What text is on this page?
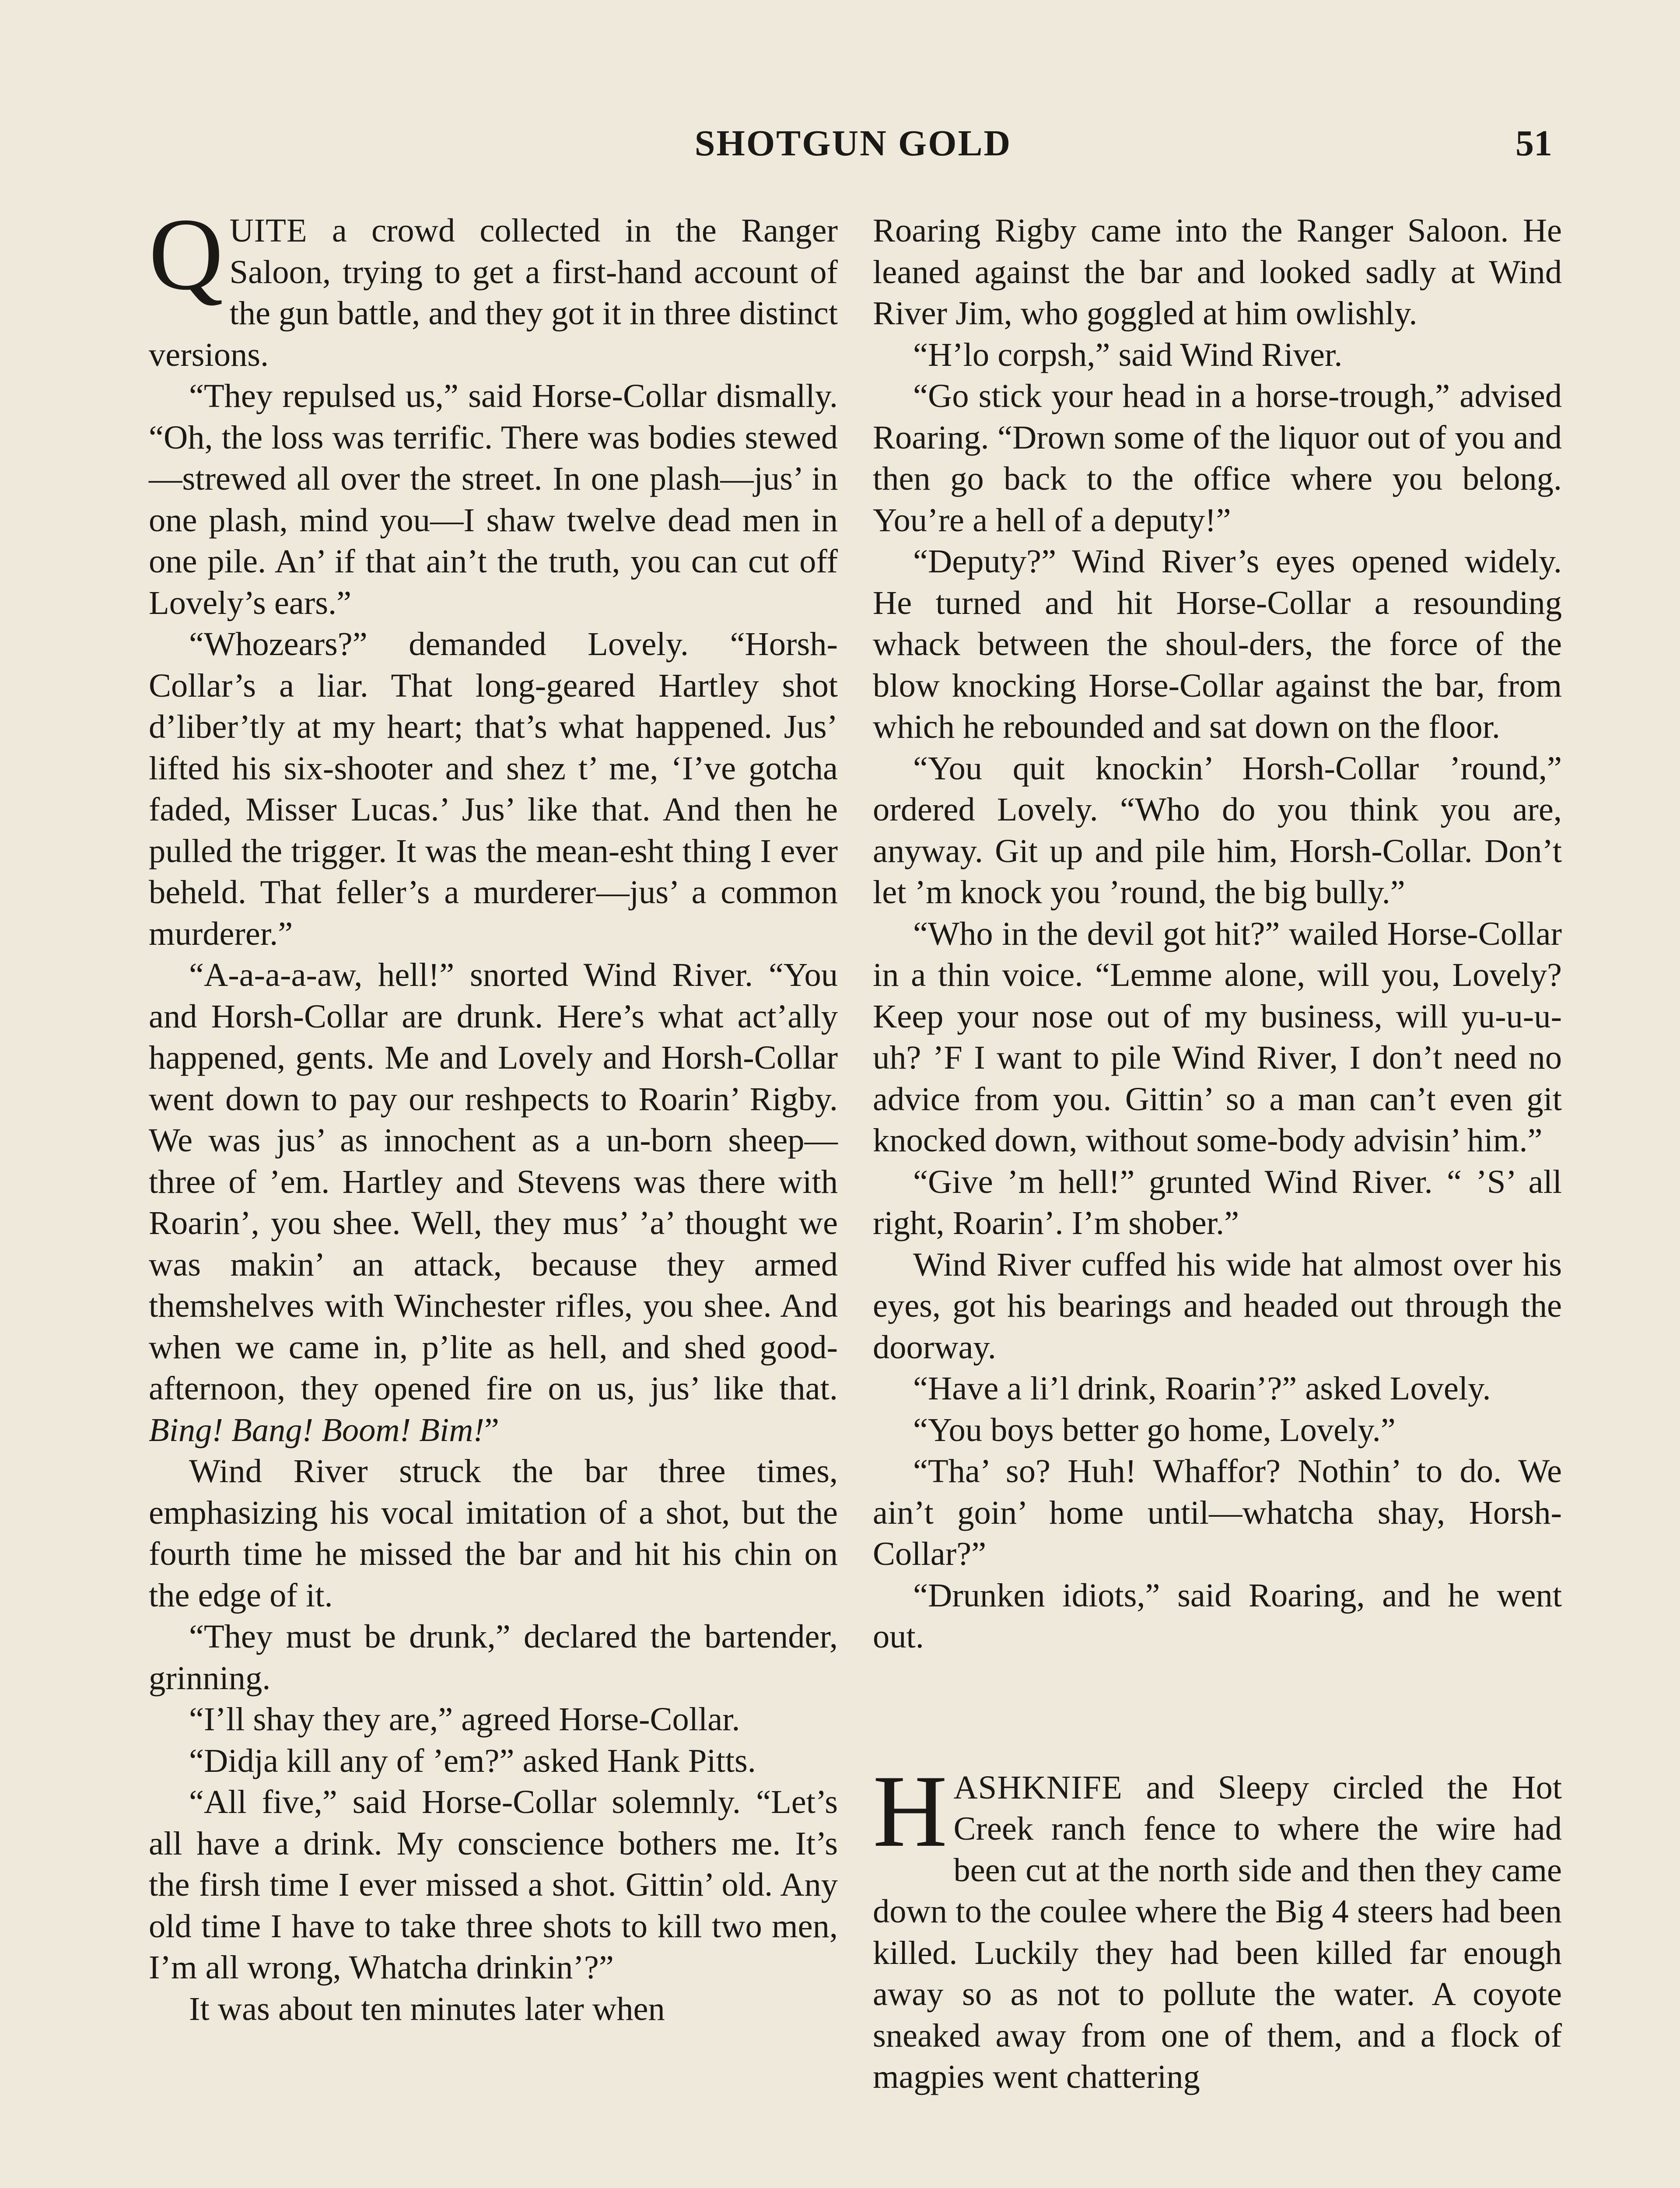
SHOTGUN GOLD	51

QUITE a crowd collected in the Ranger Saloon, trying to get a first-hand account of the gun battle, and they got it in three distinct versions.

“They repulsed us,” said Horse-Collar dismally. “Oh, the loss was terrific. There was bodies stewed—strewed all over the street. In one plash—jus’ in one plash, mind you—I shaw twelve dead men in one pile. An’ if that ain’t the truth, you can cut off Lovely’s ears.”

“Whozears?” demanded Lovely. “Horsh-Collar’s a liar. That long-geared Hartley shot d’liber’tly at my heart; that’s what happened. Jus’ lifted his six-shooter and shez t’ me, ‘I’ve gotcha faded, Misser Lucas.’ Jus’ like that. And then he pulled the trigger. It was the mean-esht thing I ever beheld. That feller’s a murderer—jus’ a common murderer.”

“A-a-a-a-aw, hell!” snorted Wind River. “You and Horsh-Collar are drunk. Here’s what act’ally happened, gents. Me and Lovely and Horsh-Collar went down to pay our reshpects to Roarin’ Rigby. We was jus’ as innochent as a un-born sheep—three of ’em. Hartley and Stevens was there with Roarin’, you shee. Well, they mus’ ’a’ thought we was makin’ an attack, because they armed themshelves with Winchester rifles, you shee. And when we came in, p’lite as hell, and shed good-afternoon, they opened fire on us, jus’ like that. Bing! Bang! Boom! Bim!”

Wind River struck the bar three times, emphasizing his vocal imitation of a shot, but the fourth time he missed the bar and hit his chin on the edge of it.

“They must be drunk,” declared the bartender, grinning.

“I’ll shay they are,” agreed Horse-Collar.

“Didja kill any of ’em?” asked Hank Pitts.

“All five,” said Horse-Collar solemnly. “Let’s all have a drink. My conscience bothers me. It’s the firsh time I ever missed a shot. Gittin’ old. Any old time I have to take three shots to kill two men, I’m all wrong, Whatcha drinkin’?”

It was about ten minutes later when

Roaring Rigby came into the Ranger Saloon. He leaned against the bar and looked sadly at Wind River Jim, who goggled at him owlishly.

“H’lo corpsh,” said Wind River.

“Go stick your head in a horse-trough,” advised Roaring. “Drown some of the liquor out of you and then go back to the office where you belong. You’re a hell of a deputy!”

“Deputy?” Wind River’s eyes opened widely. He turned and hit Horse-Collar a resounding whack between the shoul-ders, the force of the blow knocking Horse-Collar against the bar, from which he rebounded and sat down on the floor.

“You quit knockin’ Horsh-Collar ’round,” ordered Lovely. “Who do you think you are, anyway. Git up and pile him, Horsh-Collar. Don’t let ’m knock you ’round, the big bully.”

“Who in the devil got hit?” wailed Horse-Collar in a thin voice. “Lemme alone, will you, Lovely? Keep your nose out of my business, will yu-u-u-uh? ’F I want to pile Wind River, I don’t need no advice from you. Gittin’ so a man can’t even git knocked down, without some-body advisin’ him.”

“Give ’m hell!” grunted Wind River. “ ’S’ all right, Roarin’. I’m shober.”

Wind River cuffed his wide hat almost over his eyes, got his bearings and headed out through the doorway.

“Have a li’l drink, Roarin’?” asked Lovely.

“You boys better go home, Lovely.”

“Tha’ so? Huh! Whaffor? Nothin’ to do. We ain’t goin’ home until—whatcha shay, Horsh-Collar?”

“Drunken idiots,” said Roaring, and he went out.

HASHKNIFE and Sleepy circled the Hot Creek ranch fence to where the wire had been cut at the north side and then they came down to the coulee where the Big 4 steers had been killed. Luckily they had been killed far enough away so as not to pollute the water. A coyote sneaked away from one of them, and a flock of magpies went chattering
